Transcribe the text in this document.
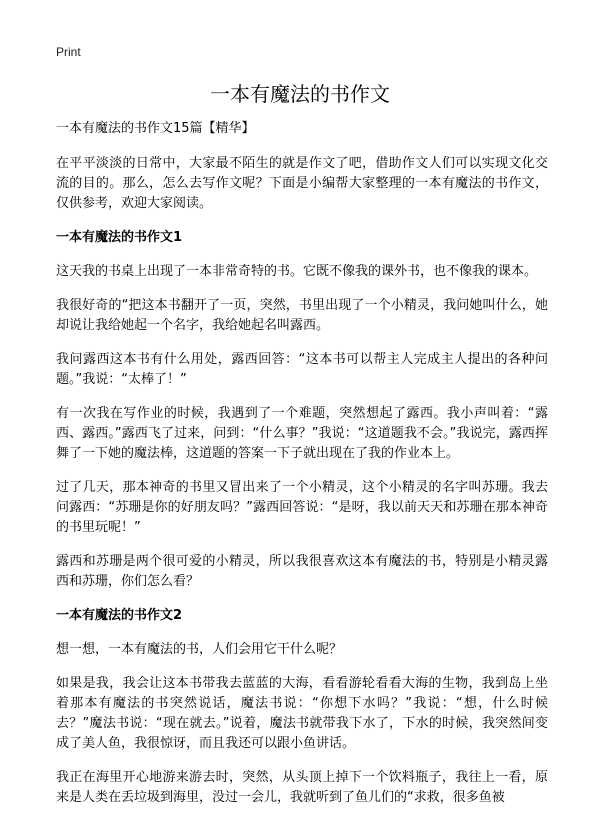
Print
一本有魔法的书作文

一本有魔法的书作文15篇【精华】

在平平淡淡的日常中，大家最不陌生的就是作文了吧，借助作文人们可以实现文化交流的目的。那么，怎么去写作文呢？下面是小编帮大家整理的一本有魔法的书作文，仅供参考，欢迎大家阅读。

一本有魔法的书作文1

这天我的书桌上出现了一本非常奇特的书。它既不像我的课外书，也不像我的课本。

我很好奇的“把这本书翻开了一页，突然，书里出现了一个小精灵，我问她叫什么，她却说让我给她起一个名字，我给她起名叫露西。

我问露西这本书有什么用处，露西回答：“这本书可以帮主人完成主人提出的各种问题。”我说：“太棒了！”

有一次我在写作业的时候，我遇到了一个难题，突然想起了露西。我小声叫着：“露西、露西。”露西飞了过来，问到：“什么事？”我说：“这道题我不会。”我说完，露西挥舞了一下她的魔法棒，这道题的答案一下子就出现在了我的作业本上。

过了几天，那本神奇的书里又冒出来了一个小精灵，这个小精灵的名字叫苏珊。我去问露西：“苏珊是你的好朋友吗？”露西回答说：“是呀，我以前天天和苏珊在那本神奇的书里玩呢！”

露西和苏珊是两个很可爱的小精灵，所以我很喜欢这本有魔法的书，特别是小精灵露西和苏珊，你们怎么看？

一本有魔法的书作文2

想一想，一本有魔法的书，人们会用它干什么呢？

如果是我，我会让这本书带我去蓝蓝的大海，看看游轮看看大海的生物，我到岛上坐着那本有魔法的书突然说话，魔法书说：“你想下水吗？”我说：“想，什么时候去？”魔法书说：“现在就去。”说着，魔法书就带我下水了，下水的时候，我突然间变成了美人鱼，我很惊讶，而且我还可以跟小鱼讲话。

我正在海里开心地游来游去时，突然，从头顶上掉下一个饮料瓶子，我往上一看，原来是人类在丢垃圾到海里，没过一会儿，我就听到了鱼儿们的“求救，很多鱼被
